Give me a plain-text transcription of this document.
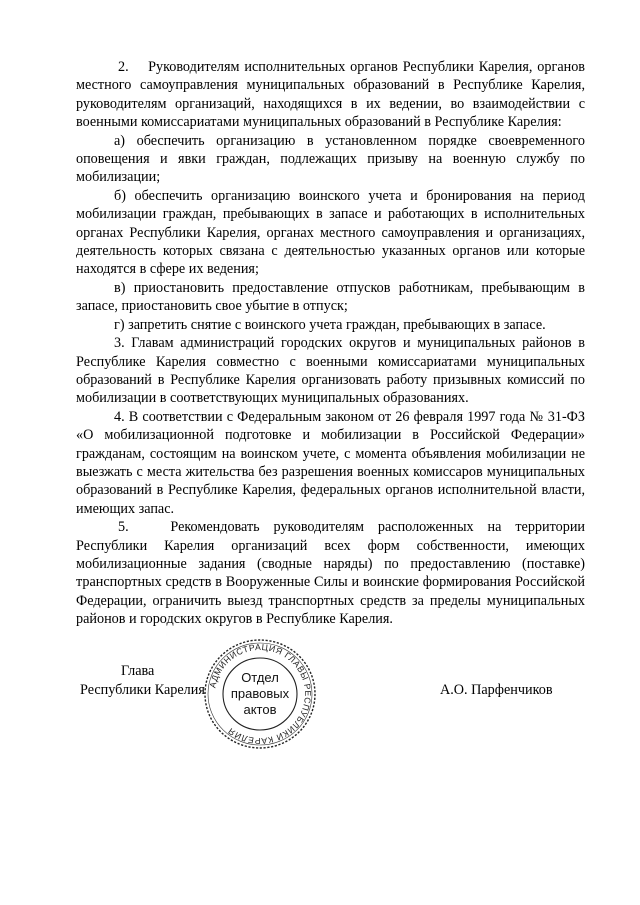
2.    Руководителям исполнительных органов Республики Карелия, органов местного самоуправления муниципальных образований в Республике Карелия, руководителям организаций, находящихся в их ведении, во взаимодействии с военными комиссариатами муниципальных образований в Республике Карелия:

а) обеспечить организацию в установленном порядке своевременного оповещения и явки граждан, подлежащих призыву на военную службу по мобилизации;

б) обеспечить организацию воинского учета и бронирования на период мобилизации граждан, пребывающих в запасе и работающих в исполнительных органах Республики Карелия, органах местного самоуправления и организациях, деятельность которых связана с деятельностью указанных органов или которые находятся в сфере их ведения;

в) приостановить предоставление отпусков работникам, пребывающим в запасе, приостановить свое убытие в отпуск;

г) запретить снятие с воинского учета граждан, пребывающих в запасе.

3. Главам администраций городских округов и муниципальных районов в Республике Карелия совместно с военными комиссариатами муниципальных образований в Республике Карелия организовать работу призывных комиссий по мобилизации в соответствующих муниципальных образованиях.

4. В соответствии с Федеральным законом от 26 февраля 1997 года № 31-ФЗ «О мобилизационной подготовке и мобилизации в Российской Федерации» гражданам, состоящим на воинском учете, с момента объявления мобилизации не выезжать с места жительства без разрешения военных комиссаров муниципальных образований в Республике Карелия, федеральных органов исполнительной власти, имеющих запас.

5.   Рекомендовать руководителям расположенных на территории Республики Карелия организаций всех форм собственности, имеющих мобилизационные задания (сводные наряды) по предоставлению (поставке) транспортных средств в Вооруженные Силы и воинские формирования Российской Федерации, ограничить выезд транспортных средств за пределы муниципальных районов и городских округов в Республике Карелия.

Глава
Республики Карелия	А.О. Парфенчиков
АДМИНИСТРАЦИЯ ГЛАВЫ РЕСПУБЛИКИ КАРЕЛИЯ
Отдел
правовых
актов
